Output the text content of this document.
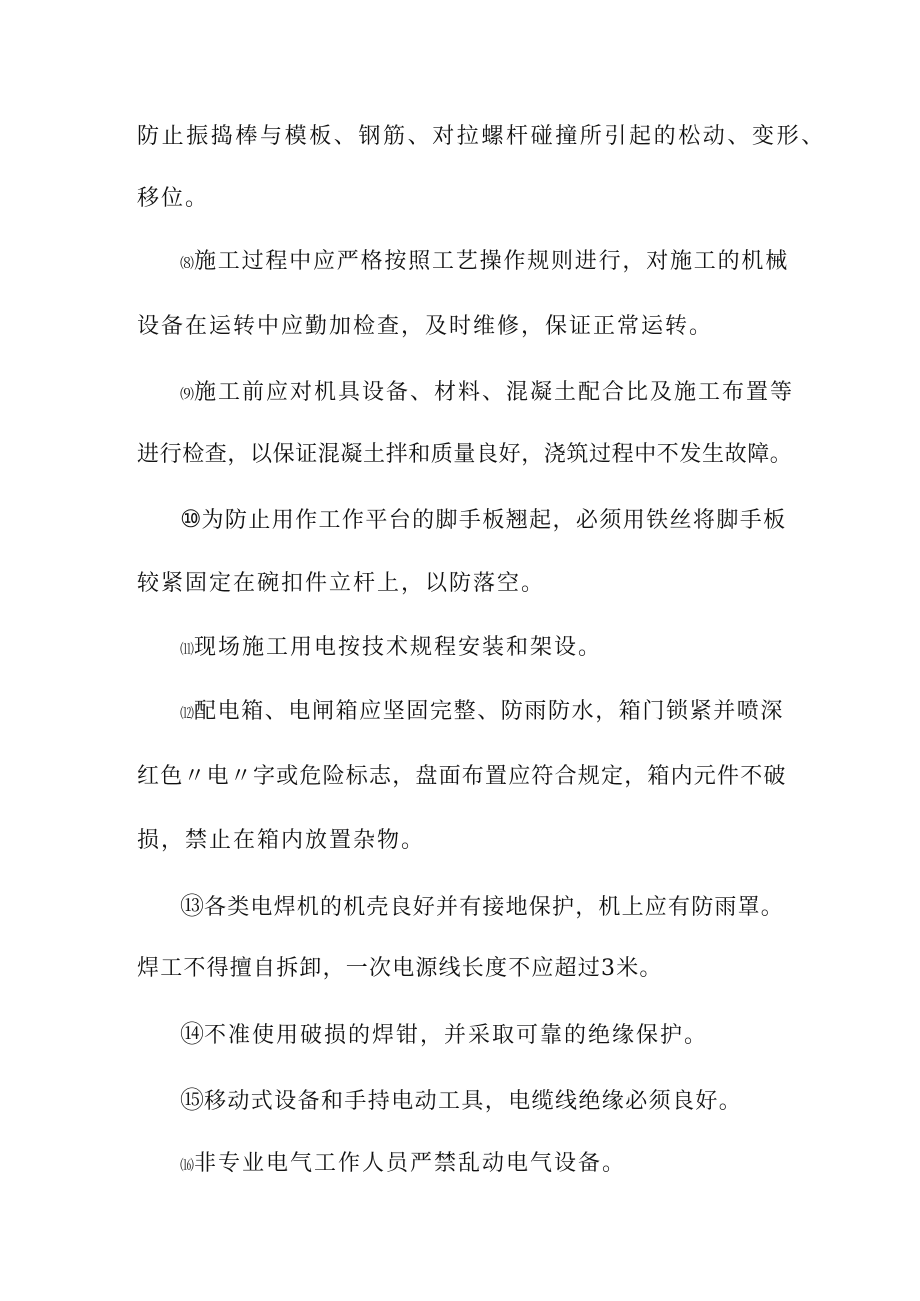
防止振捣棒与模板、钢筋、对拉螺杆碰撞所引起的松动、变形、
移位。
⑻施工过程中应严格按照工艺操作规则进行，对施工的机械
设备在运转中应勤加检查，及时维修，保证正常运转。
⑼施工前应对机具设备、材料、混凝土配合比及施工布置等
进行检查，以保证混凝土拌和质量良好，浇筑过程中不发生故障。
⑩为防止用作工作平台的脚手板翘起，必须用铁丝将脚手板
较紧固定在碗扣件立杆上，以防落空。
⑾现场施工用电按技术规程安装和架设。
⑿配电箱、电闸箱应坚固完整、防雨防水，箱门锁紧并喷深
红色〃电〃字或危险标志，盘面布置应符合规定，箱内元件不破
损，禁止在箱内放置杂物。
⑬各类电焊机的机壳良好并有接地保护，机上应有防雨罩。
焊工不得擅自拆卸，一次电源线长度不应超过3米。
⑭不准使用破损的焊钳，并采取可靠的绝缘保护。
⑮移动式设备和手持电动工具，电缆线绝缘必须良好。
⒃非专业电气工作人员严禁乱动电气设备。
